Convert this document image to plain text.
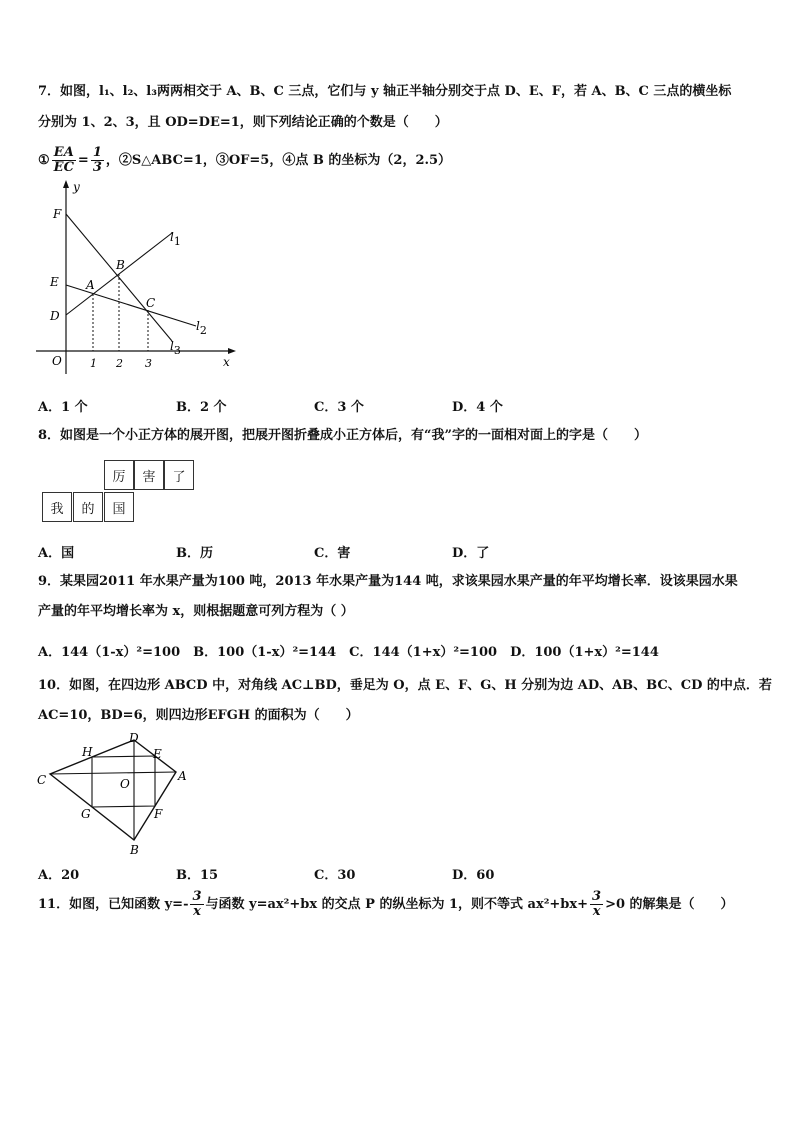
7．如图，l₁、l₂、l₃两两相交于 A、B、C 三点，它们与 y 轴正半轴分别交于点 D、E、F，若 A、B、C 三点的横坐标
分别为 1、2、3，且 OD=DE=1，则下列结论正确的个数是（　　）
① $\frac{EA}{EC} = \frac{1}{3}$ ，②S△ABC=1，③OF=5，④点 B 的坐标为（2，2.5）
y
F
E
D
O
A
B
C
l1
l2
l3
x
1 2 3
A．1 个	B．2 个	C．3 个	D．4 个
8．如图是一个小正方体的展开图，把展开图折叠成小正方体后，有“我”字的一面相对面上的字是（　　）
厉	害	了
我	的	国
A．国	B．历	C．害	D．了
9．某果园2011 年水果产量为100 吨，2013 年水果产量为144 吨，求该果园水果产量的年平均增长率．设该果园水果
产量的年平均增长率为 x，则根据题意可列方程为（ ）
A．144（1-x）²=100　B．100（1-x）²=144　C．144（1+x）²=100　D．100（1+x）²=144
10．如图，在四边形 ABCD 中，对角线 AC⊥BD，垂足为 O，点 E、F、G、H 分别为边 AD、AB、BC、CD 的中点．若
AC=10，BD=6，则四边形EFGH 的面积为（　　）
D
H	E
C	O
A
G	F
B
A．20	B．15	C．30	D．60
11．如图，已知函数 $y=- \frac{3}{x}$ 与函数 y=ax²+bx 的交点 P 的纵坐标为 1，则不等式 $ax^2+bx+ \frac{3}{x} >0$ 的解集是（　　）
